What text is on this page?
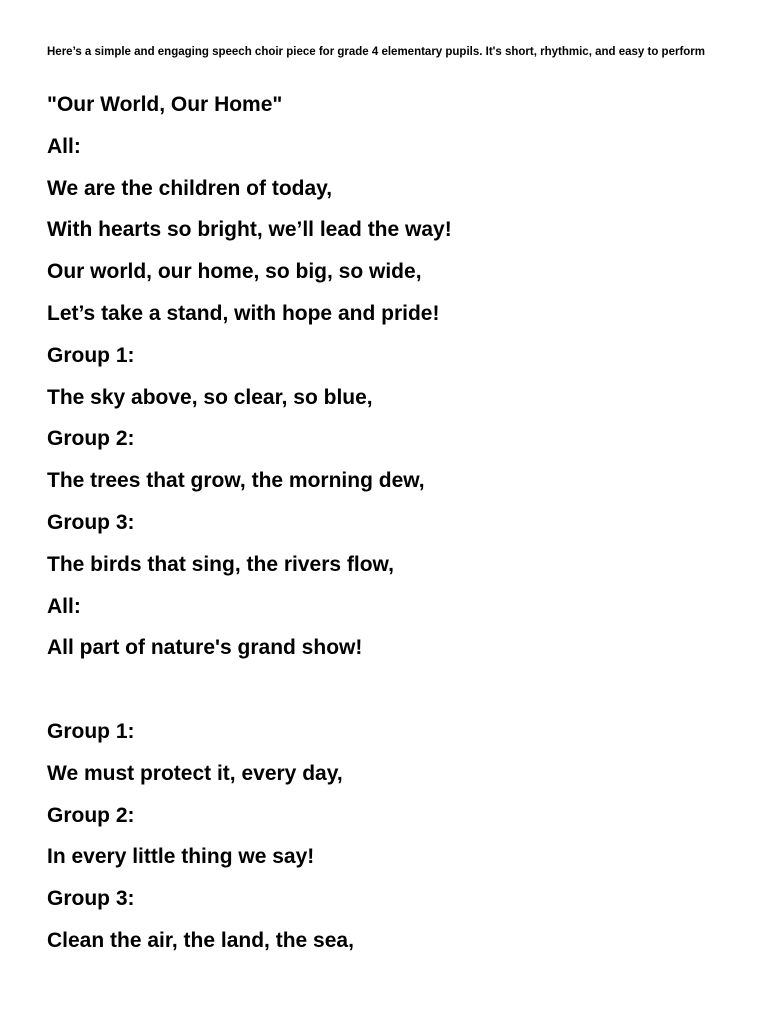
Here’s a simple and engaging speech choir piece for grade 4 elementary pupils. It's short, rhythmic, and easy to perform
"Our World, Our Home"
All:
We are the children of today,
With hearts so bright, we’ll lead the way!
Our world, our home, so big, so wide,
Let’s take a stand, with hope and pride!
Group 1:
The sky above, so clear, so blue,
Group 2:
The trees that grow, the morning dew,
Group 3:
The birds that sing, the rivers flow,
All:
All part of nature's grand show!
Group 1:
We must protect it, every day,
Group 2:
In every little thing we say!
Group 3:
Clean the air, the land, the sea,
